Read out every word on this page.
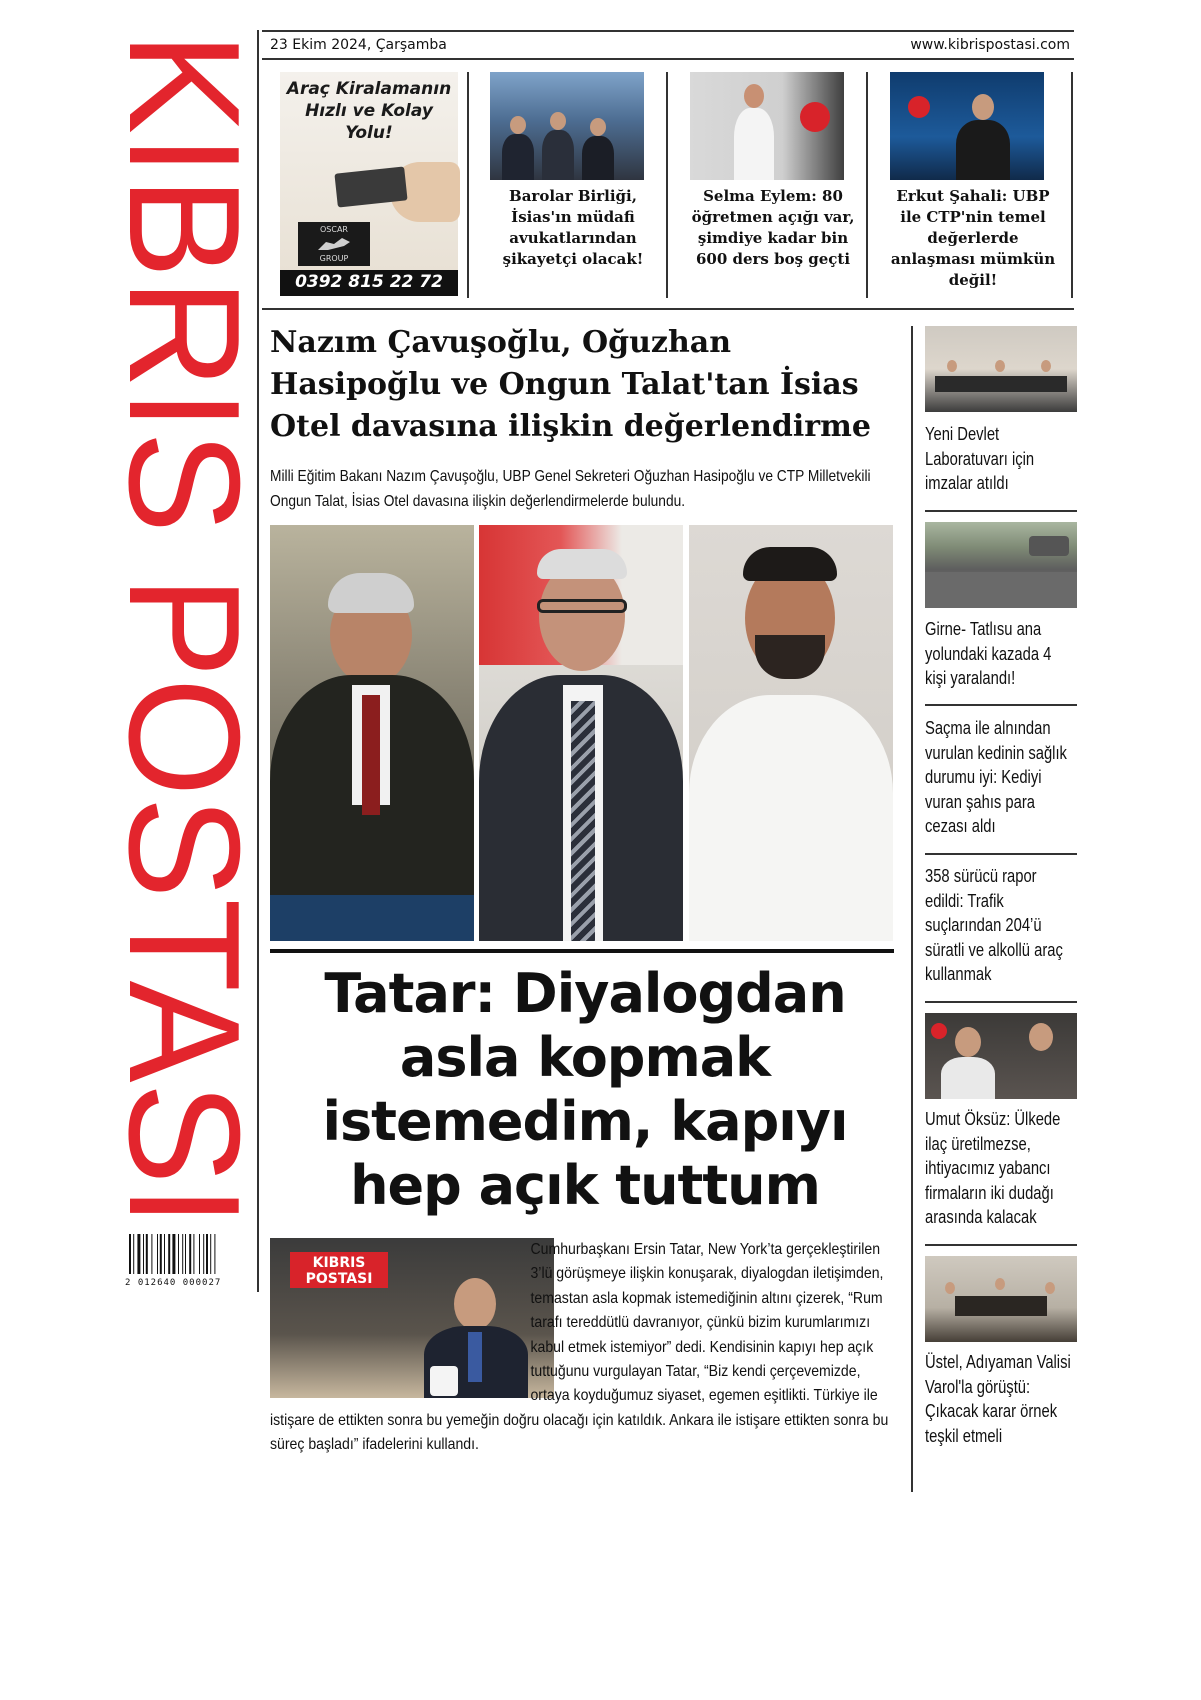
KIBRIS POSTASI
2 012640 000027
23 Ekim 2024, Çarşamba	www.kibrispostasi.com
Araç Kiralamanın Hızlı ve Kolay Yolu!
OSCAR
GROUP
0392 815 22 72
Barolar Birliği, İsias'ın müdafi avukatlarından şikayetçi olacak!
Selma Eylem: 80 öğretmen açığı var, şimdiye kadar bin 600 ders boş geçti
Erkut Şahali: UBP ile CTP'nin temel değerlerde anlaşması mümkün değil!
Nazım Çavuşoğlu, Oğuzhan Hasipoğlu ve Ongun Talat'tan İsias Otel davasına ilişkin değerlendirme

Milli Eğitim Bakanı Nazım Çavuşoğlu, UBP Genel Sekreteri Oğuzhan Hasipoğlu ve CTP Milletvekili Ongun Talat, İsias Otel davasına ilişkin değerlendirmelerde bulundu.

Tatar: Diyalogdan asla kopmak istemedim, kapıyı hep açık tuttum
KIBRIS
POSTASI
Cumhurbaşkanı Ersin Tatar, New York’ta gerçekleştirilen 3’lü görüşmeye ilişkin konuşarak, diyalogdan iletişimden, temastan asla kopmak istemediğinin altını çizerek, “Rum tarafı tereddütlü davranıyor, çünkü bizim kurumlarımızı kabul etmek istemiyor” dedi. Kendisinin kapıyı hep açık tuttuğunu vurgulayan Tatar, “Biz kendi çerçevemizde, ortaya koyduğumuz siyaset, egemen eşitlikti. Türkiye ile istişare de ettikten sonra bu yemeğin doğru olacağı için katıldık. Ankara ile istişare ettikten sonra bu süreç başladı” ifadelerini kullandı.
Yeni Devlet Laboratuvarı için imzalar atıldı
Girne- Tatlısu ana yolundaki kazada 4 kişi yaralandı!
Saçma ile alnından vurulan kedinin sağlık durumu iyi: Kediyi vuran şahıs para cezası aldı
358 sürücü rapor edildi: Trafik suçlarından 204’ü süratli ve alkollü araç kullanmak
Umut Öksüz: Ülkede ilaç üretilmezse, ihtiyacımız yabancı firmaların iki dudağı arasında kalacak
Üstel, Adıyaman Valisi Varol'la görüştü: Çıkacak karar örnek teşkil etmeli
